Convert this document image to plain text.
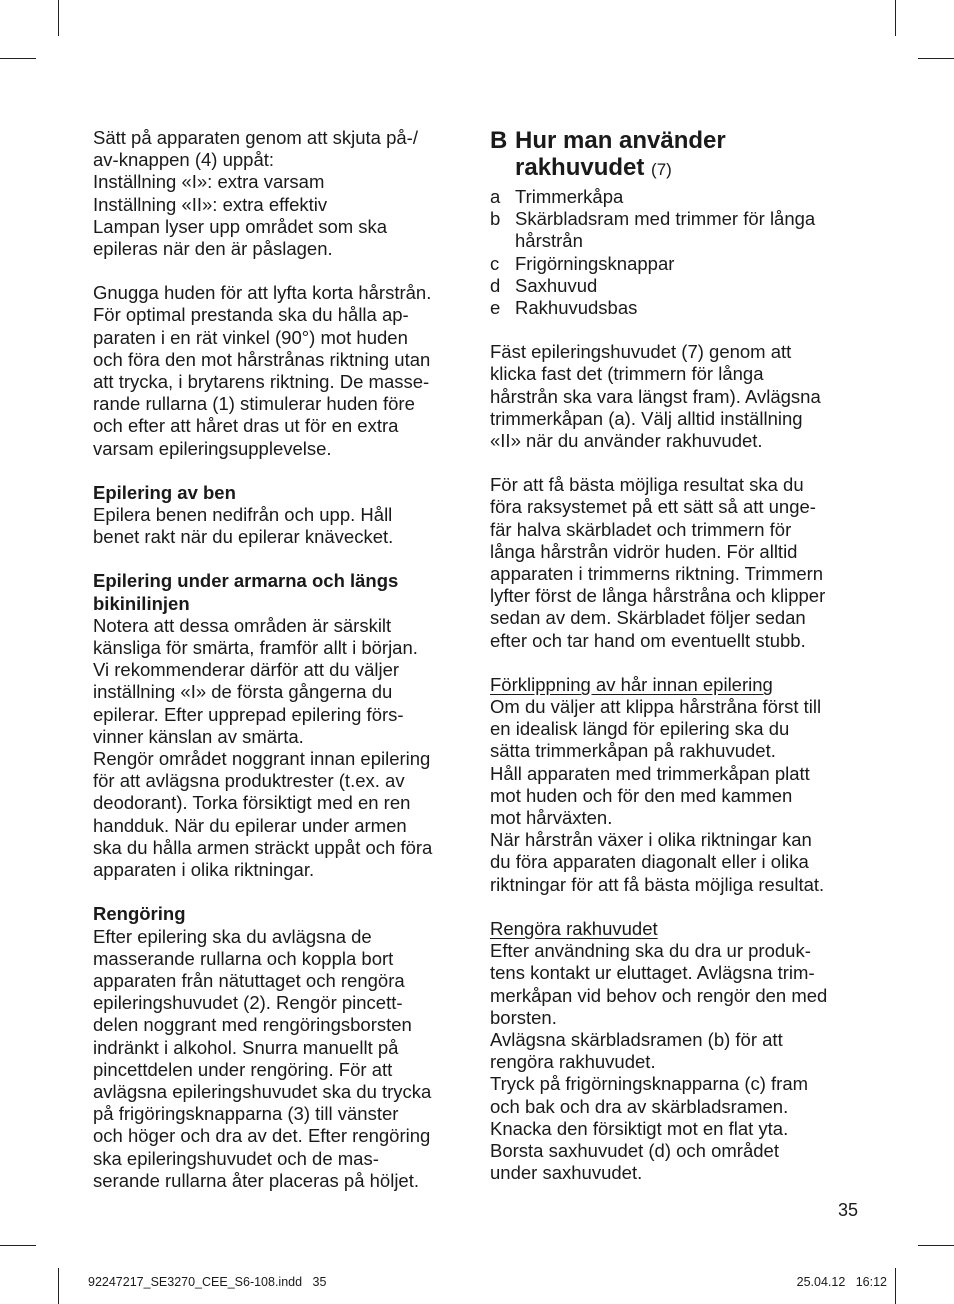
Sätt på apparaten genom att skjuta på-/
av-knappen (4) uppåt:
Inställning «I»: extra varsam
Inställning «II»: extra effektiv
Lampan lyser upp området som ska
epileras när den är påslagen.
Gnugga huden för att lyfta korta hårstrån.
För optimal prestanda ska du hålla ap-
paraten i en rät vinkel (90°) mot huden
och föra den mot hårstrånas riktning utan
att trycka, i brytarens riktning. De masse-
rande rullarna (1) stimulerar huden före
och efter att håret dras ut för en extra
varsam epileringsupplevelse.
Epilering av ben
Epilera benen nedifrån och upp. Håll
benet rakt när du epilerar knävecket.
Epilering under armarna och längs
bikinilinjen
Notera att dessa områden är särskilt
känsliga för smärta, framför allt i början.
Vi rekommenderar därför att du väljer
inställning «I» de första gångerna du
epilerar. Efter upprepad epilering förs-
vinner känslan av smärta.
Rengör området noggrant innan epilering
för att avlägsna produktrester (t.ex. av
deodorant). Torka försiktigt med en ren
handduk. När du epilerar under armen
ska du hålla armen sträckt uppåt och föra
apparaten i olika riktningar.
Rengöring
Efter epilering ska du avlägsna de
masserande rullarna och koppla bort
apparaten från nätuttaget och rengöra
epileringshuvudet (2). Rengör pincett-
delen noggrant med rengöringsborsten
indränkt i alkohol. Snurra manuellt på
pincettdelen under rengöring. För att
avlägsna epileringshuvudet ska du trycka
på frigöringsknapparna (3) till vänster
och höger och dra av det. Efter rengöring
ska epileringshuvudet och de mas-
serande rullarna åter placeras på höljet.
B Hur man använder
rakhuvudet (7)
a Trimmerkåpa
b Skärbladsram med trimmer för långa
hårstrån
c Frigörningsknappar
d Saxhuvud
e Rakhuvudsbas
Fäst epileringshuvudet (7) genom att
klicka fast det (trimmern för långa
hårstrån ska vara längst fram). Avlägsna
trimmerkåpan (a). Välj alltid inställning
«II» när du använder rakhuvudet.
För att få bästa möjliga resultat ska du
föra raksystemet på ett sätt så att unge-
fär halva skärbladet och trimmern för
långa hårstrån vidrör huden. För alltid
apparaten i trimmerns riktning. Trimmern
lyfter först de långa hårstråna och klipper
sedan av dem. Skärbladet följer sedan
efter och tar hand om eventuellt stubb.
Förklippning av hår innan epilering
Om du väljer att klippa hårstråna först till
en idealisk längd för epilering ska du
sätta trimmerkåpan på rakhuvudet.
Håll apparaten med trimmerkåpan platt
mot huden och för den med kammen
mot hårväxten.
När hårstrån växer i olika riktningar kan
du föra apparaten diagonalt eller i olika
riktningar för att få bästa möjliga resultat.
Rengöra rakhuvudet
Efter användning ska du dra ur produk-
tens kontakt ur eluttaget. Avlägsna trim-
merkåpan vid behov och rengör den med
borsten.
Avlägsna skärbladsramen (b) för att
rengöra rakhuvudet.
Tryck på frigörningsknapparna (c) fram
och bak och dra av skärbladsramen.
Knacka den försiktigt mot en flat yta.
Borsta saxhuvudet (d) och området
under saxhuvudet.
35
92247217_SE3270_CEE_S6-108.indd   35	25.04.12   16:12
